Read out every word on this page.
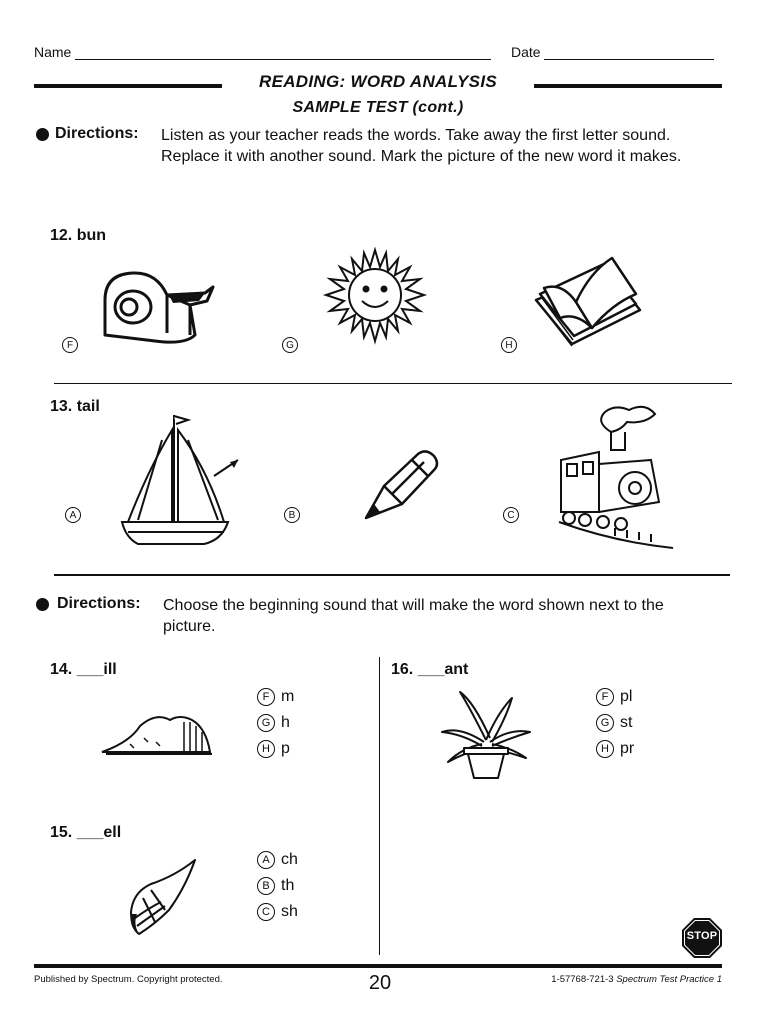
Name	Date
READING: WORD ANALYSIS
SAMPLE TEST (cont.)
Directions: Listen as your teacher reads the words. Take away the first letter sound. Replace it with another sound. Mark the picture of the new word it makes.
12. bun
F	G	H
13. tail
A	B	C
Directions: Choose the beginning sound that will make the word shown next to the picture.
14. ___ill
F m
G h
H p
15. ___ell
A ch
B th
C sh
16. ___ant
F pl
G st
H pr
STOP
Published by Spectrum. Copyright protected.	20	1-57768-721-3 Spectrum Test Practice 1
